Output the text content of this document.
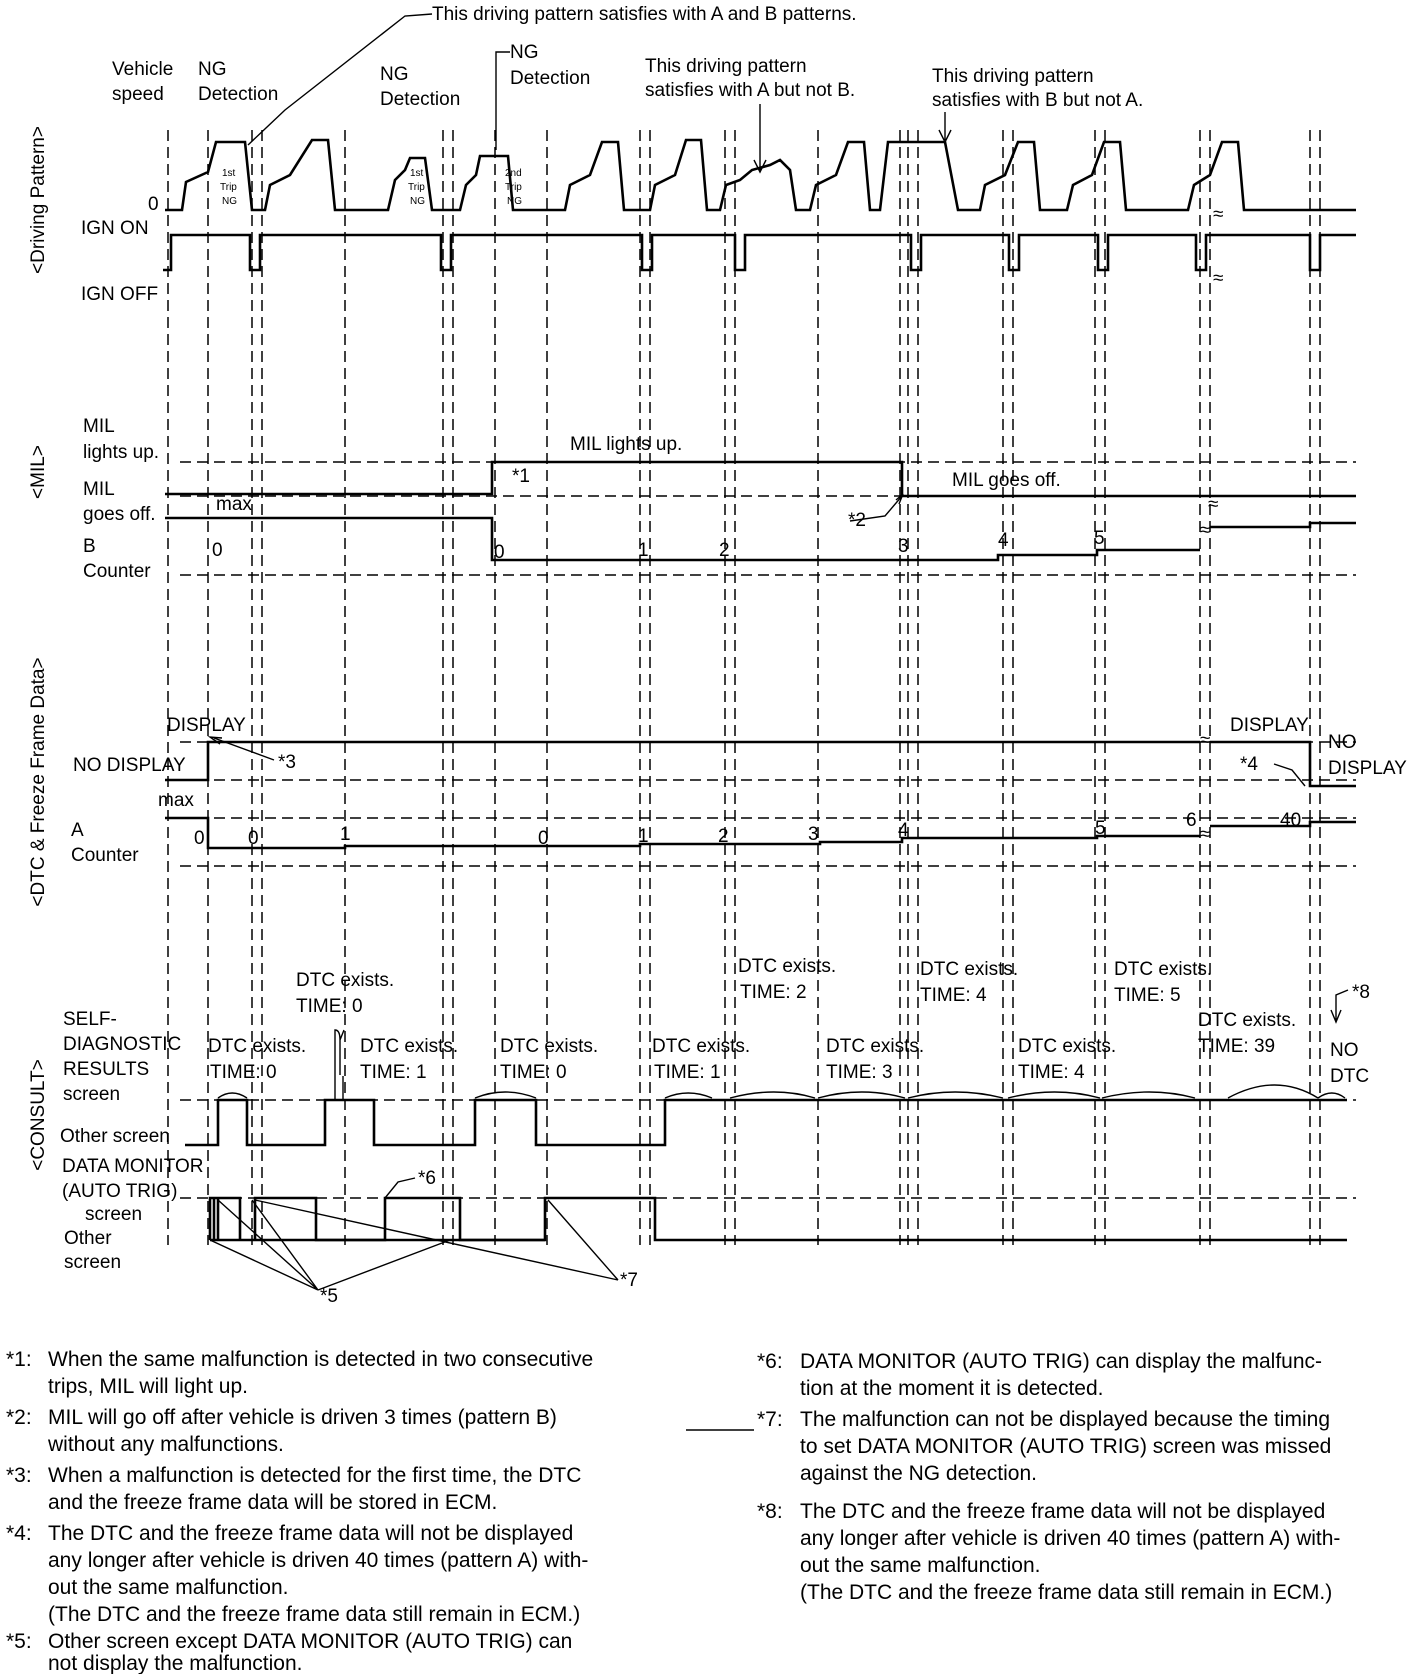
<Driving Pattern>
<MIL>
<DTC & Freeze Frame Data>
<CONSULT>
≈
≈
1st
Trip
NG
1st
Trip
NG
2nd
Trip
NG
This driving pattern satisfies with A and B patterns.
Vehicle
speed
NG
Detection
NG
Detection
NG
Detection
This driving pattern
satisfies with A but not B.
This driving pattern
satisfies with B but not A.
0
IGN ON
IGN OFF
MIL
lights up.
MIL
goes off.
B
Counter
MIL lights up.
MIL goes off.
max
*1
*2
≈
≈
0	0	1	2	3	4	5
DISPLAY
NO DISPLAY
max
A
Counter
DISPLAY
NO
DISPLAY
*3	*4
≈
≈
0 0	1	0	1	2	3	4	5	6	40
SELF-
DIAGNOSTIC
RESULTS
screen
Other screen
DATA MONITOR
(AUTO TRIG)
screen
Other
screen
DTC exists.
TIME: 0
DTC exists.
TIME: 0
DTC exists.
TIME: 1
DTC exists.
TIME: 0
DTC exists.
TIME: 1
DTC exists.
TIME: 2
DTC exists.
TIME: 3
DTC exists.
TIME: 4
DTC exists.
TIME: 4
DTC exists.
TIME: 5
DTC exists.
TIME: 39	NO
DTC
*6
*5
*7
*8
*1: When the same malfunction is detected in two consecutive
trips, MIL will light up.
*2: MIL will go off after vehicle is driven 3 times (pattern B)
without any malfunctions.
*3: When a malfunction is detected for the first time, the DTC
and the freeze frame data will be stored in ECM.
*4: The DTC and the freeze frame data will not be displayed
any longer after vehicle is driven 40 times (pattern A) with-
out the same malfunction.
(The DTC and the freeze frame data still remain in ECM.)
*5: Other screen except DATA MONITOR (AUTO TRIG) can
not display the malfunction.
*6: DATA MONITOR (AUTO TRIG) can display the malfunc-
tion at the moment it is detected.
*7: The malfunction can not be displayed because the timing
to set DATA MONITOR (AUTO TRIG) screen was missed
against the NG detection.
*8: The DTC and the freeze frame data will not be displayed
any longer after vehicle is driven 40 times (pattern A) with-
out the same malfunction.
(The DTC and the freeze frame data still remain in ECM.)
